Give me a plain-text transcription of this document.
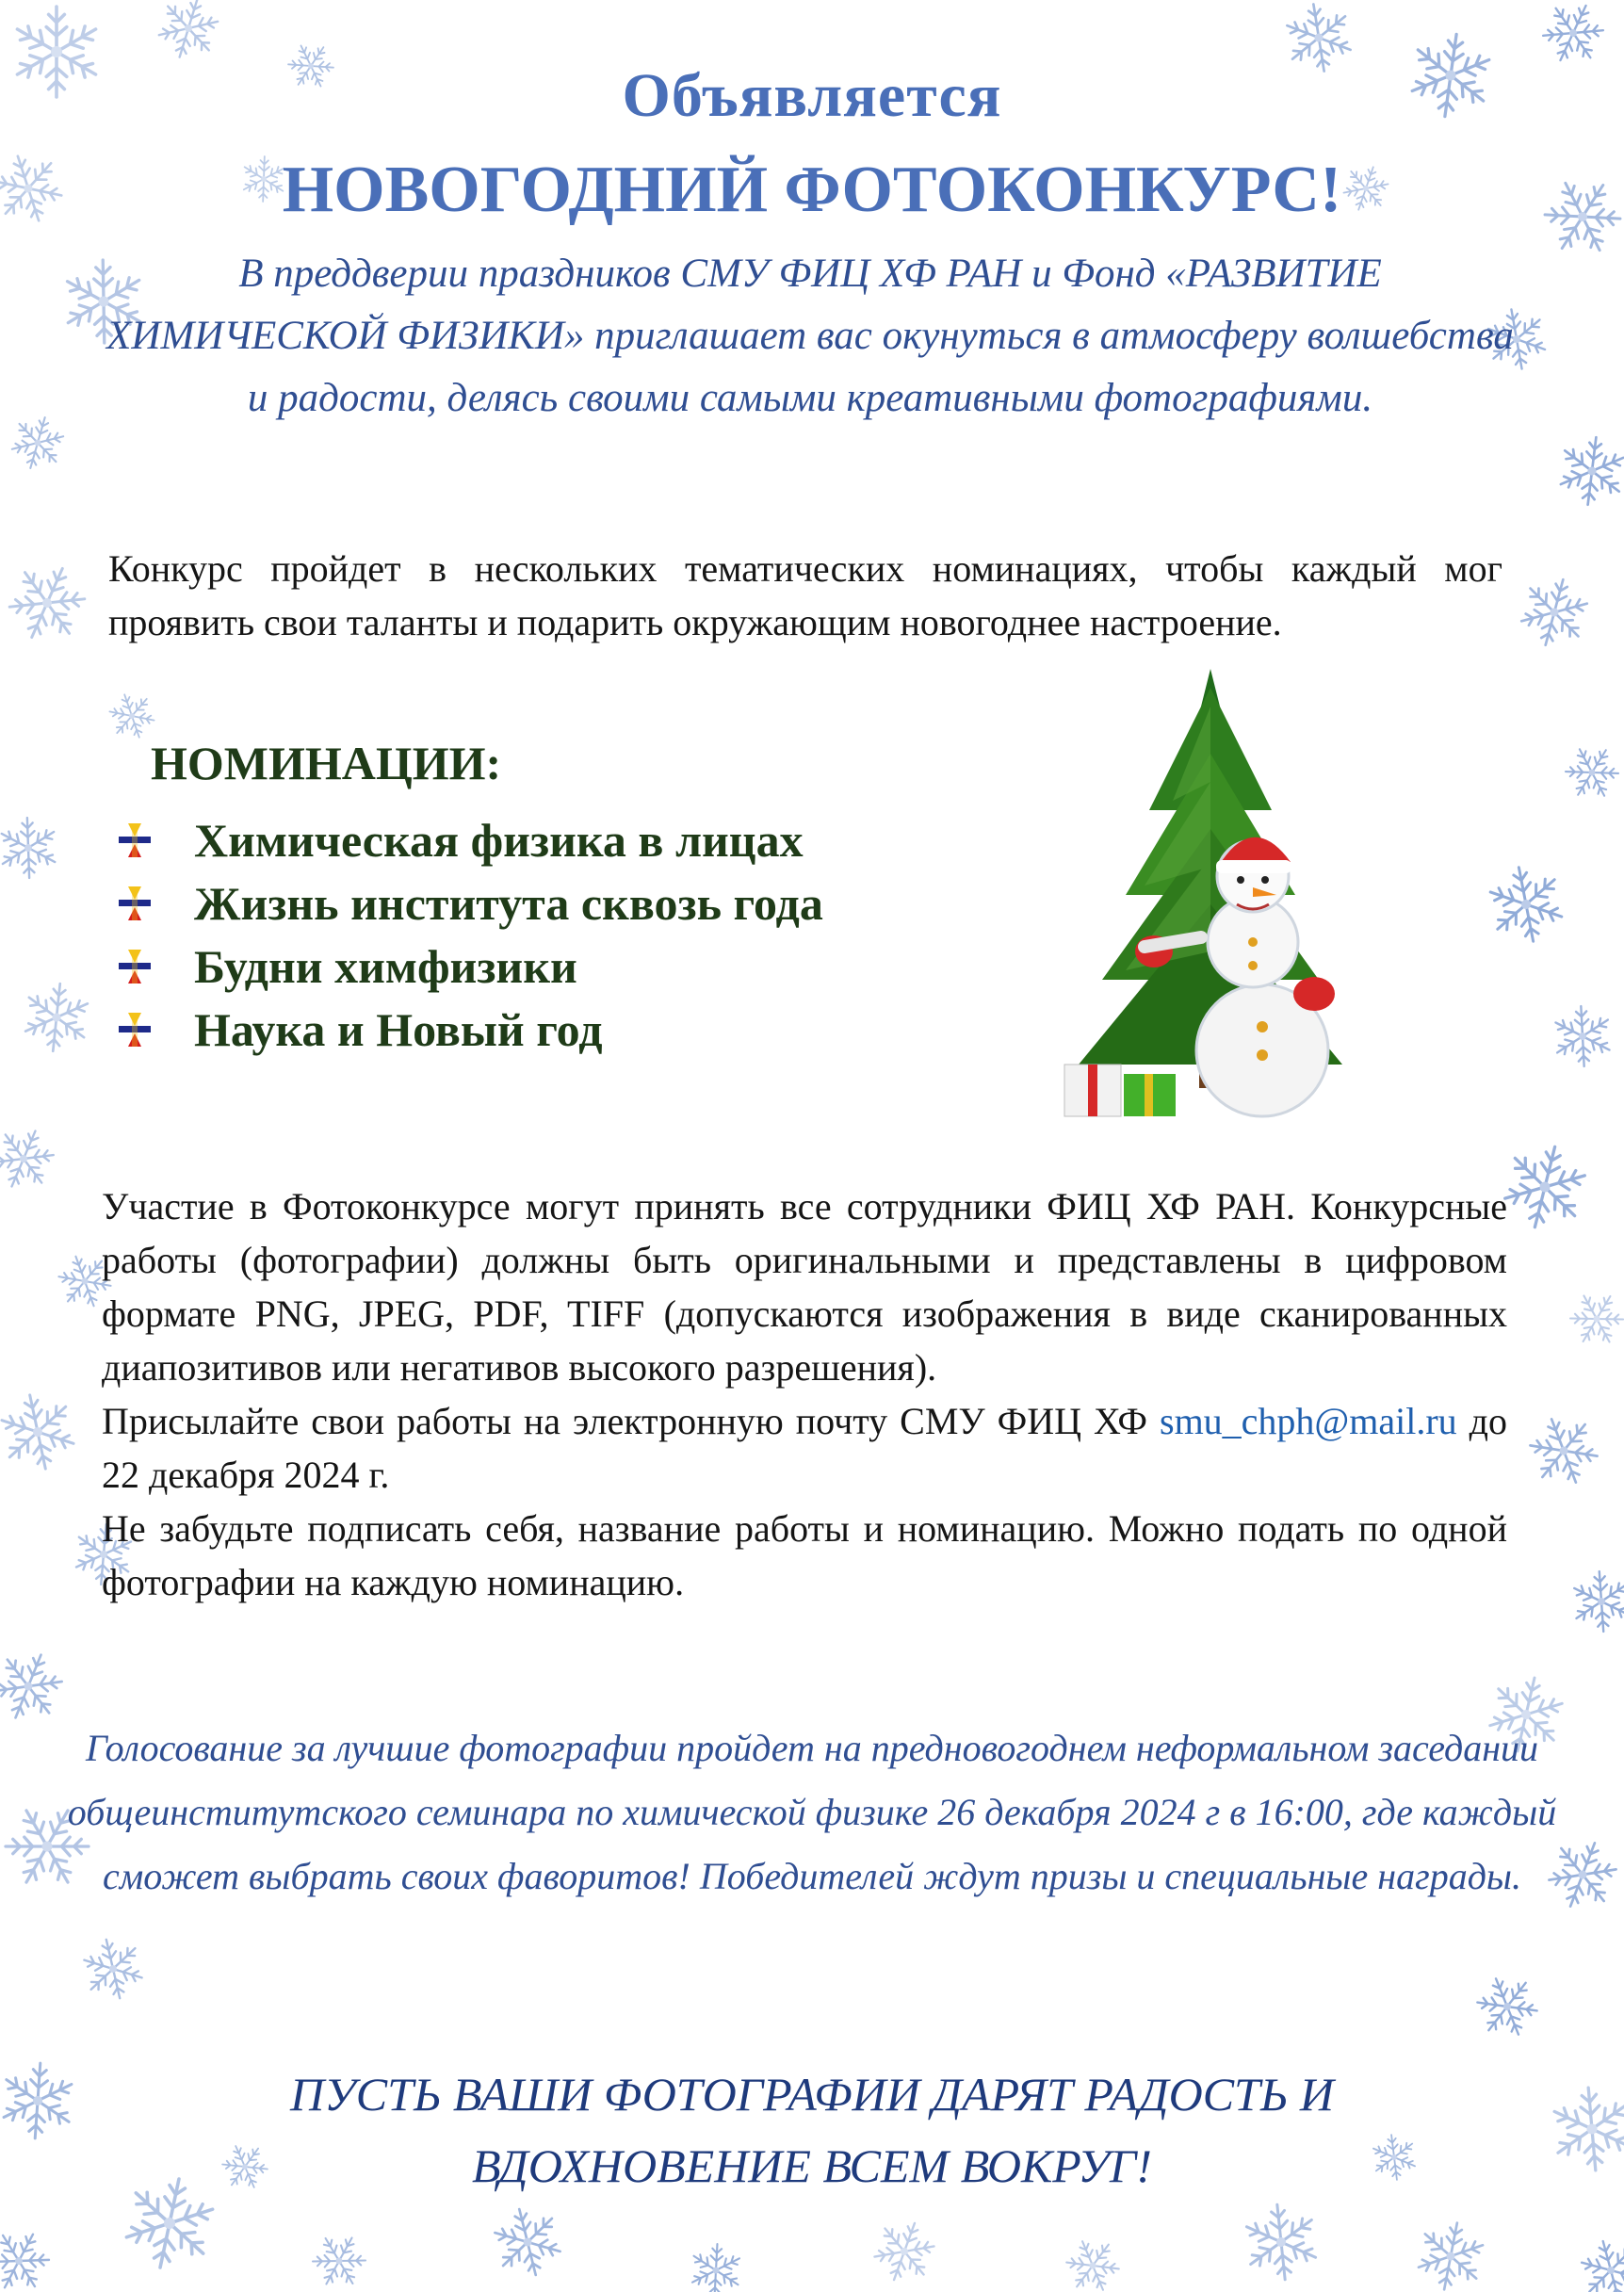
Объявляется
НОВОГОДНИЙ ФОТОКОНКУРС!
В преддверии праздников СМУ ФИЦ ХФ РАН и Фонд «РАЗВИТИЕ ХИМИЧЕСКОЙ ФИЗИКИ» приглашает вас окунуться в атмосферу волшебства и радости, делясь своими самыми креативными фотографиями.
Конкурс пройдет в нескольких тематических номинациях, чтобы каждый мог проявить свои таланты и подарить окружающим новогоднее настроение.
НОМИНАЦИИ:
Химическая физика в лицах
Жизнь института сквозь года
Будни химфизики
Наука и Новый год
Участие в Фотоконкурсе могут принять все сотрудники ФИЦ ХФ РАН. Конкурсные работы (фотографии) должны быть оригинальными и представлены в цифровом формате PNG, JPEG, PDF, TIFF (допускаются изображения в виде сканированных диапозитивов или негативов высокого разрешения).
Присылайте свои работы на электронную почту СМУ ФИЦ ХФ smu_chph@mail.ru до 22 декабря 2024 г.
Не забудьте подписать себя, название работы и номинацию. Можно подать по одной фотографии на каждую номинацию.
Голосование за лучшие фотографии пройдет на предновогоднем неформальном заседании общеинститутского семинара по химической физике 26 декабря 2024 г в 16:00, где каждый сможет выбрать своих фаворитов! Победителей ждут призы и специальные награды.
ПУСТЬ ВАШИ ФОТОГРАФИИ ДАРЯТ РАДОСТЬ И
ВДОХНОВЕНИЕ ВСЕМ ВОКРУГ!
